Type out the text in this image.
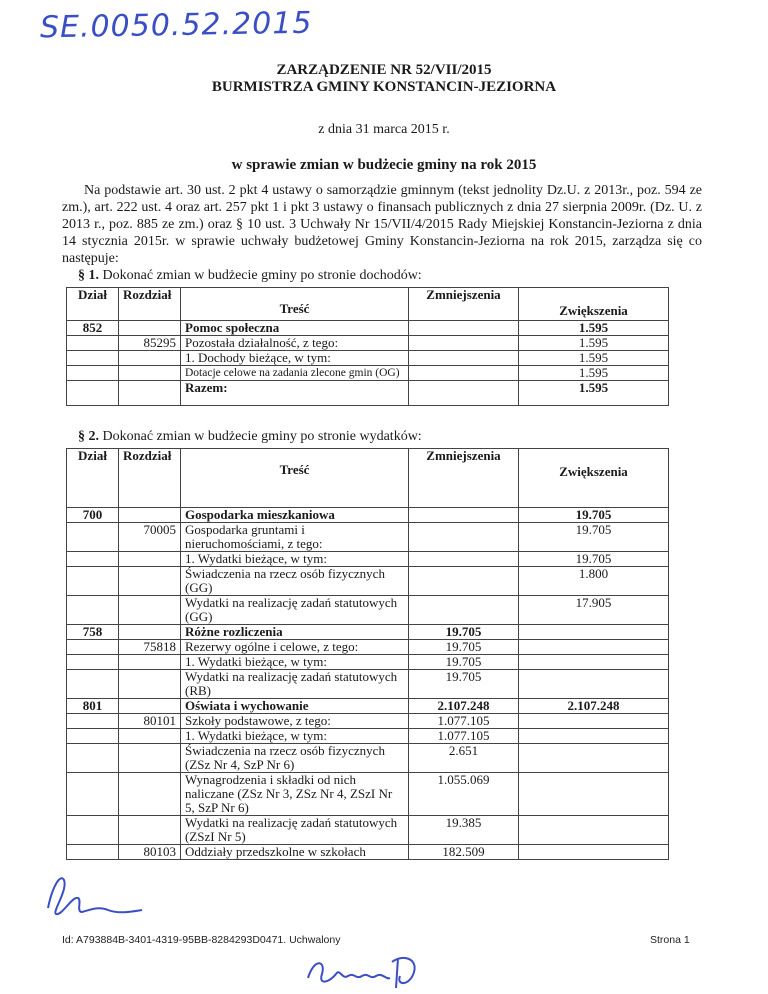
SE.0050.52.2015
ZARZĄDZENIE NR 52/VII/2015
BURMISTRZA GMINY KONSTANCIN-JEZIORNA
z dnia 31 marca 2015 r.
w sprawie zmian w budżecie gminy na rok 2015
Na podstawie art. 30 ust. 2 pkt 4 ustawy o samorządzie gminnym (tekst jednolity Dz.U. z 2013r., poz. 594 ze zm.), art. 222 ust. 4 oraz art. 257 pkt 1 i pkt 3 ustawy o finansach publicznych z dnia 27 sierpnia 2009r. (Dz. U. z 2013 r., poz. 885 ze zm.) oraz § 10 ust. 3 Uchwały Nr 15/VII/4/2015 Rady Miejskiej Konstancin-Jeziorna z dnia 14 stycznia 2015r. w sprawie uchwały budżetowej Gminy Konstancin-Jeziorna na rok 2015, zarządza się co następuje:
§ 1. Dokonać zmian w budżecie gminy po stronie dochodów:
Dział	Rozdział	Treść	Zmniejszenia	Zwiększenia
852		Pomoc społeczna		1.595
	85295	Pozostała działalność, z tego:		1.595
		1. Dochody bieżące, w tym:		1.595
		Dotacje celowe na zadania zlecone gmin (OG)		1.595
		Razem:		1.595
§ 2. Dokonać zmian w budżecie gminy po stronie wydatków:
Dział	Rozdział	Treść	Zmniejszenia	Zwiększenia
700		Gospodarka mieszkaniowa		19.705
	70005	Gospodarka gruntami i nieruchomościami, z tego:		19.705
		1. Wydatki bieżące, w tym:		19.705
		Świadczenia na rzecz osób fizycznych (GG)		1.800
		Wydatki na realizację zadań statutowych (GG)		17.905
758		Różne rozliczenia	19.705	
	75818	Rezerwy ogólne i celowe, z tego:	19.705	
		1. Wydatki bieżące, w tym:	19.705	
		Wydatki na realizację zadań statutowych (RB)	19.705	
801		Oświata i wychowanie	2.107.248	2.107.248
	80101	Szkoły podstawowe, z tego:	1.077.105	
		1. Wydatki bieżące, w tym:	1.077.105	
		Świadczenia na rzecz osób fizycznych (ZSz Nr 4, SzP Nr 6)	2.651	
		Wynagrodzenia i składki od nich naliczane (ZSz Nr 3, ZSz Nr 4, ZSzI Nr 5, SzP Nr 6)	1.055.069	
		Wydatki na realizację zadań statutowych (ZSzI Nr 5)	19.385	
	80103	Oddziały przedszkolne w szkołach	182.509	
Id: A793884B-3401-4319-95BB-8284293D0471. Uchwalony	Strona 1
